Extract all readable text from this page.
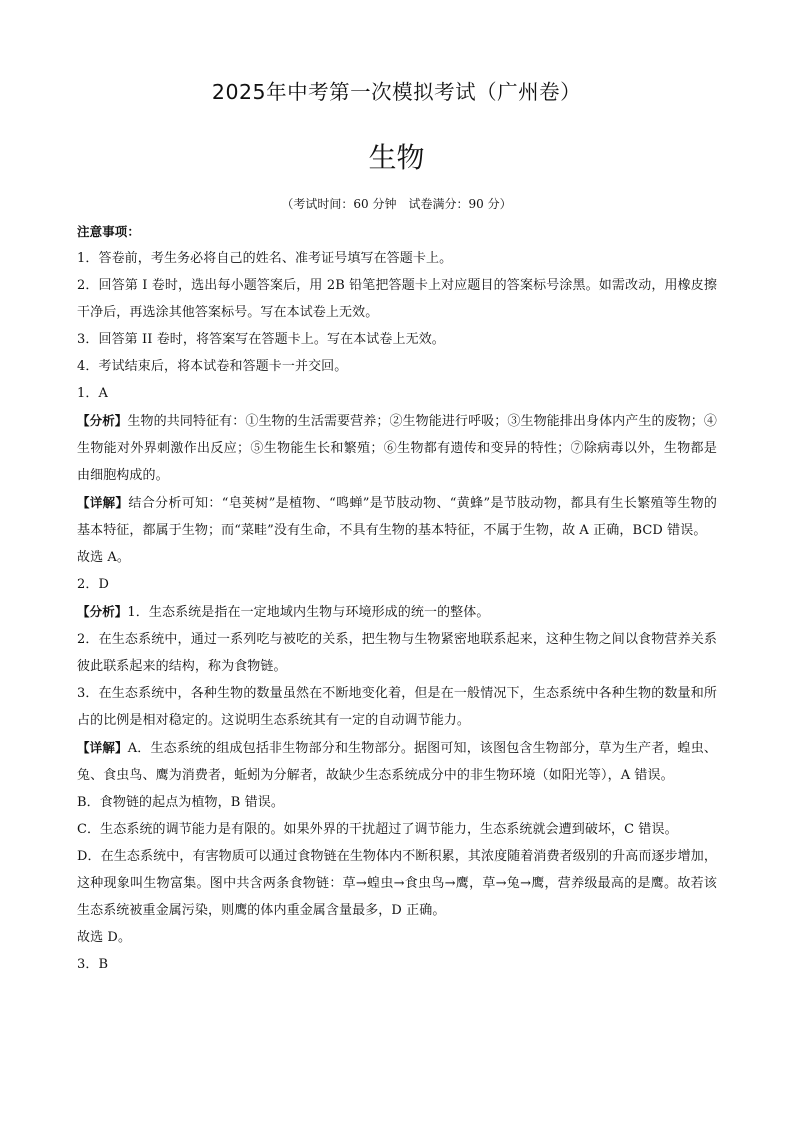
2025年中考第一次模拟考试（广州卷）
生物
（考试时间：60 分钟　试卷满分：90 分）

注意事项：

1．答卷前，考生务必将自己的姓名、准考证号填写在答题卡上。

2．回答第 I 卷时，选出每小题答案后，用 2B 铅笔把答题卡上对应题目的答案标号涂黑。如需改动，用橡皮擦干净后，再选涂其他答案标号。写在本试卷上无效。

3．回答第 II 卷时，将答案写在答题卡上。写在本试卷上无效。

4．考试结束后，将本试卷和答题卡一并交回。

1．A

【分析】生物的共同特征有：①生物的生活需要营养；②生物能进行呼吸；③生物能排出身体内产生的废物；④生物能对外界刺激作出反应；⑤生物能生长和繁殖；⑥生物都有遗传和变异的特性；⑦除病毒以外，生物都是由细胞构成的。

【详解】结合分析可知：“皂荚树”是植物、“鸣蝉”是节肢动物、“黄蜂”是节肢动物，都具有生长繁殖等生物的基本特征，都属于生物；而“菜畦”没有生命，不具有生物的基本特征，不属于生物，故 A 正确，BCD 错误。

故选 A。

2．D

【分析】1．生态系统是指在一定地域内生物与环境形成的统一的整体。

2．在生态系统中，通过一系列吃与被吃的关系，把生物与生物紧密地联系起来，这种生物之间以食物营养关系彼此联系起来的结构，称为食物链。

3．在生态系统中，各种生物的数量虽然在不断地变化着，但是在一般情况下，生态系统中各种生物的数量和所占的比例是相对稳定的。这说明生态系统其有一定的自动调节能力。

【详解】A．生态系统的组成包括非生物部分和生物部分。据图可知，该图包含生物部分，草为生产者，蝗虫、兔、食虫鸟、鹰为消费者，蚯蚓为分解者，故缺少生态系统成分中的非生物环境（如阳光等），A 错误。

B．食物链的起点为植物，B 错误。

C．生态系统的调节能力是有限的。如果外界的干扰超过了调节能力，生态系统就会遭到破坏，C 错误。

D．在生态系统中，有害物质可以通过食物链在生物体内不断积累，其浓度随着消费者级别的升高而逐步增加，这种现象叫生物富集。图中共含两条食物链：草→蝗虫→食虫鸟→鹰，草→兔→鹰，营养级最高的是鹰。故若该生态系统被重金属污染，则鹰的体内重金属含量最多，D 正确。

故选 D。

3．B
